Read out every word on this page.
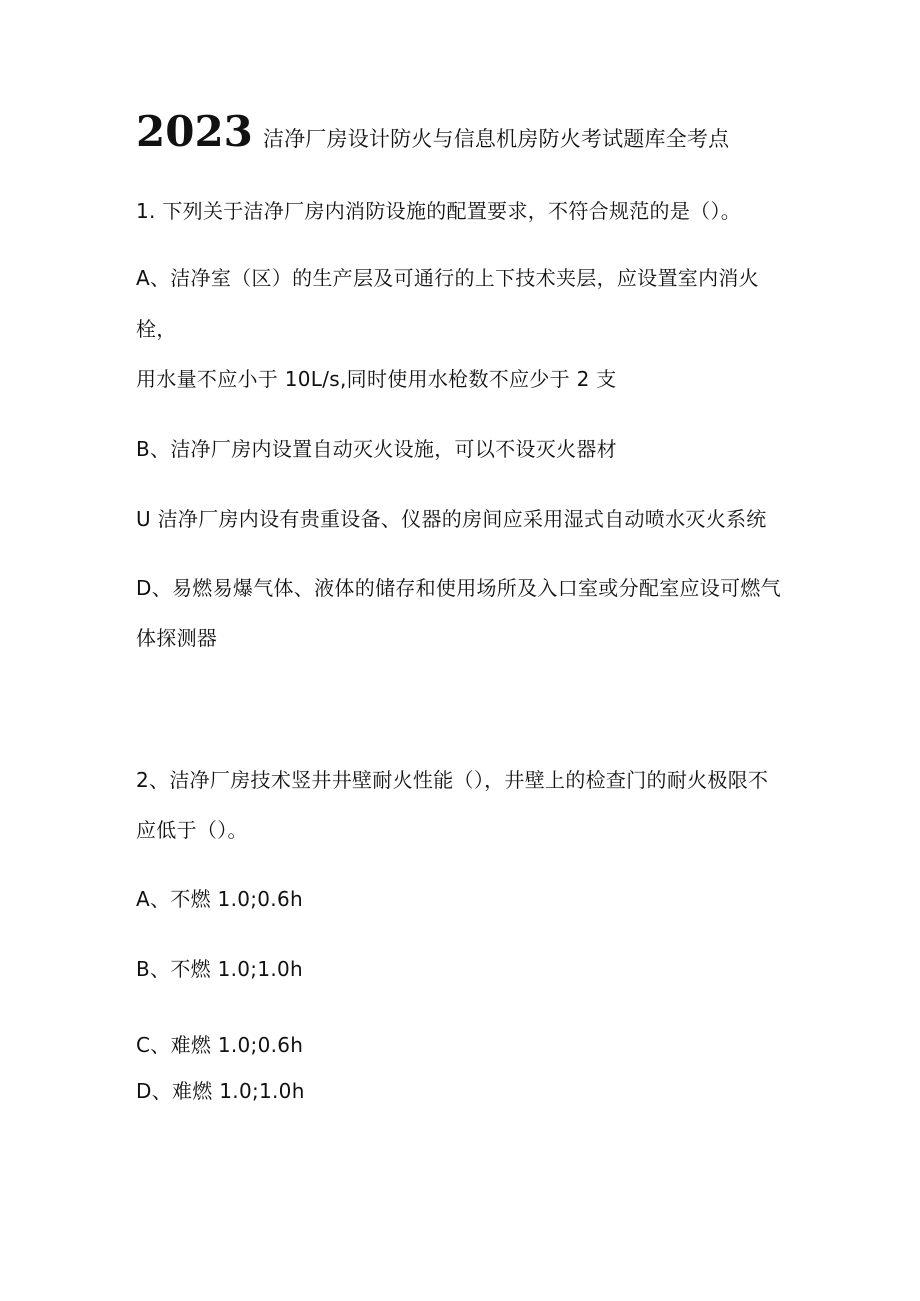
2023 洁净厂房设计防火与信息机房防火考试题库全考点
1. 下列关于洁净厂房内消防设施的配置要求，不符合规范的是（）。
A、洁净室（区）的生产层及可通行的上下技术夹层，应设置室内消火
栓，
用水量不应小于 10L/s,同时使用水枪数不应少于 2 支
B、洁净厂房内设置自动灭火设施，可以不设灭火器材
U 洁净厂房内设有贵重设备、仪器的房间应采用湿式自动喷水灭火系统
D、易燃易爆气体、液体的储存和使用场所及入口室或分配室应设可燃气
体探测器
2、洁净厂房技术竖井井壁耐火性能（），井壁上的检查门的耐火极限不
应低于（）。
A、不燃 1.0;0.6h
B、不燃 1.0;1.0h
C、难燃 1.0;0.6h
D、难燃 1.0;1.0h
